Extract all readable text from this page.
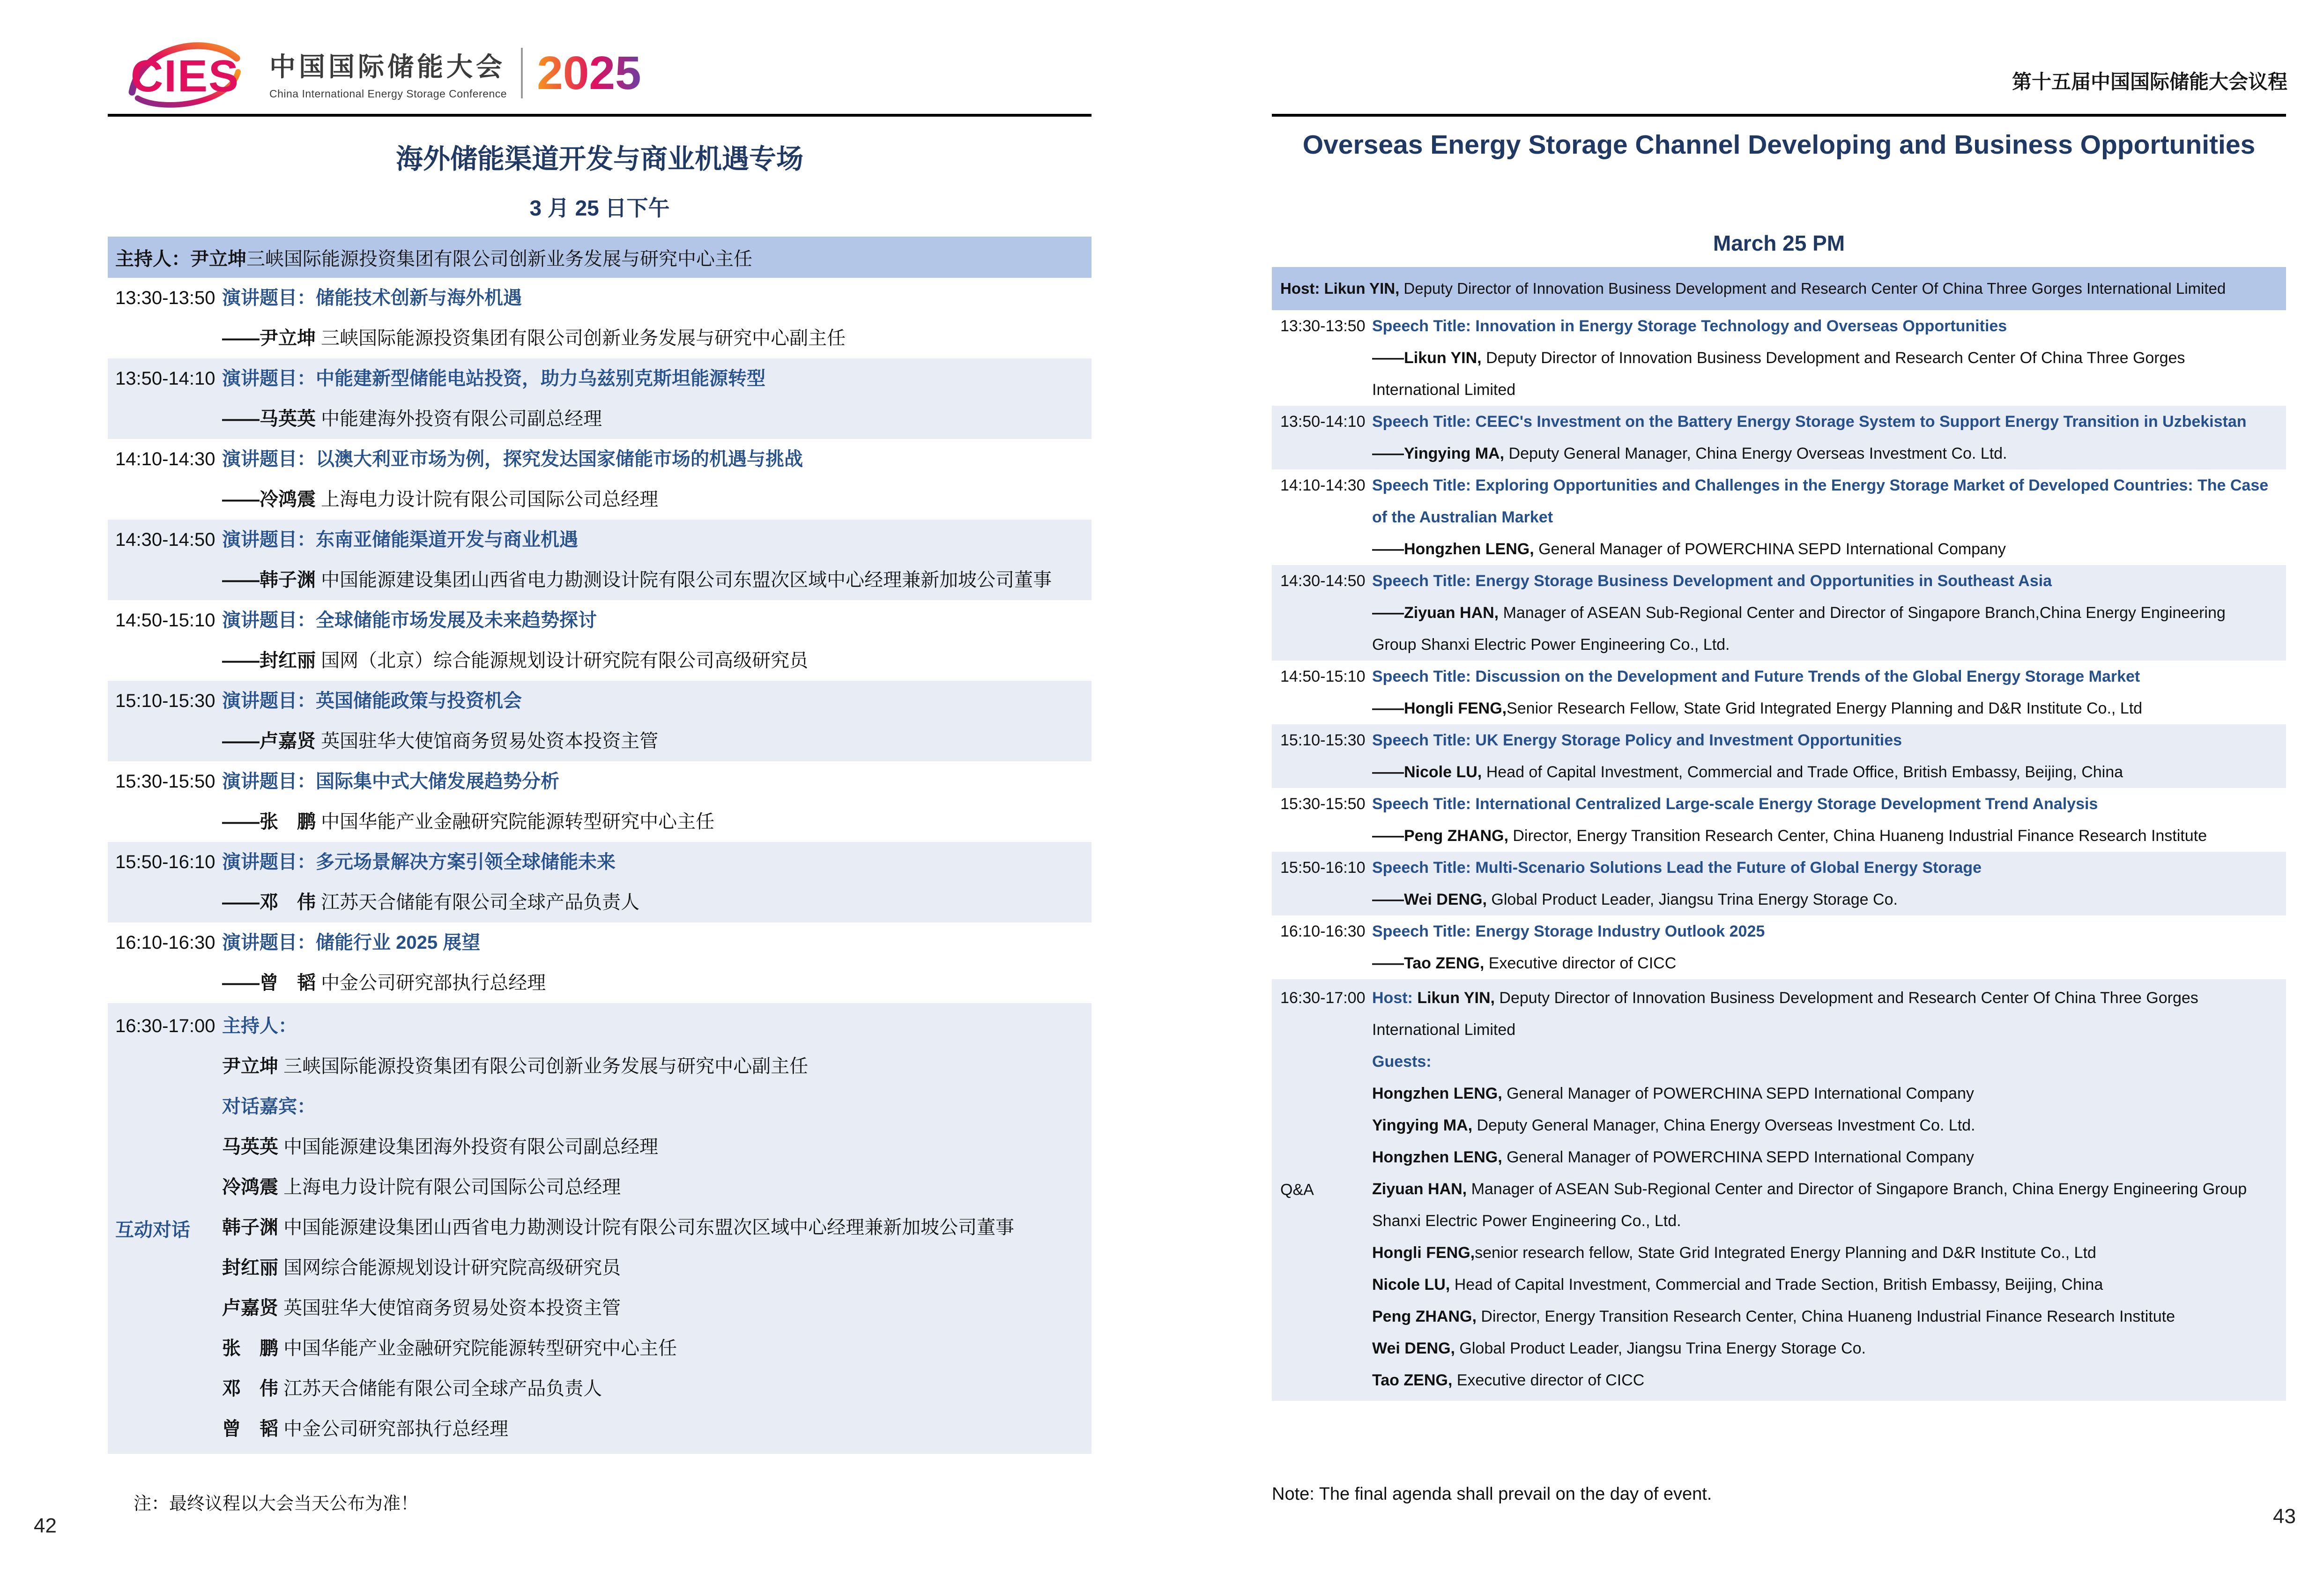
CIES 中国国际储能大会
China International Energy Storage Conference 2025	第十五届中国国际储能大会议程
海外储能渠道开发与商业机遇专场
3 月 25 日下午
主持人：尹立坤 三峡国际能源投资集团有限公司创新业务发展与研究中心主任
13:30-13:50 演讲题目：储能技术创新与海外机遇
——尹立坤 三峡国际能源投资集团有限公司创新业务发展与研究中心副主任
13:50-14:10 演讲题目：中能建新型储能电站投资，助力乌兹别克斯坦能源转型
——马英英 中能建海外投资有限公司副总经理
14:10-14:30 演讲题目：以澳大利亚市场为例，探究发达国家储能市场的机遇与挑战
——冷鸿震 上海电力设计院有限公司国际公司总经理
14:30-14:50 演讲题目：东南亚储能渠道开发与商业机遇
——韩子渊 中国能源建设集团山西省电力勘测设计院有限公司东盟次区域中心经理兼新加坡公司董事
14:50-15:10 演讲题目：全球储能市场发展及未来趋势探讨
——封红丽 国网（北京）综合能源规划设计研究院有限公司高级研究员
15:10-15:30 演讲题目：英国储能政策与投资机会
——卢嘉贤 英国驻华大使馆商务贸易处资本投资主管
15:30-15:50 演讲题目：国际集中式大储发展趋势分析
——张　鹏 中国华能产业金融研究院能源转型研究中心主任
15:50-16:10 演讲题目：多元场景解决方案引领全球储能未来
——邓　伟 江苏天合储能有限公司全球产品负责人
16:10-16:30 演讲题目：储能行业 2025 展望
——曾　韬 中金公司研究部执行总经理
16:30-17:00
互动对话
主持人：
尹立坤 三峡国际能源投资集团有限公司创新业务发展与研究中心副主任
对话嘉宾：
马英英 中国能源建设集团海外投资有限公司副总经理
冷鸿震 上海电力设计院有限公司国际公司总经理
韩子渊 中国能源建设集团山西省电力勘测设计院有限公司东盟次区域中心经理兼新加坡公司董事
封红丽 国网综合能源规划设计研究院高级研究员
卢嘉贤 英国驻华大使馆商务贸易处资本投资主管
张　鹏 中国华能产业金融研究院能源转型研究中心主任
邓　伟 江苏天合储能有限公司全球产品负责人
曾　韬 中金公司研究部执行总经理
注：最终议程以大会当天公布为准！
42
Overseas Energy Storage Channel Developing and Business Opportunities
March 25 PM
Host: Likun YIN, Deputy Director of Innovation Business Development and Research Center Of China Three Gorges International Limited
13:30-13:50 Speech Title: Innovation in Energy Storage Technology and Overseas Opportunities
——Likun YIN, Deputy Director of Innovation Business Development and Research Center Of China Three Gorges International Limited
13:50-14:10 Speech Title: CEEC's Investment on the Battery Energy Storage System to Support Energy Transition in Uzbekistan
——Yingying MA, Deputy General Manager, China Energy Overseas Investment Co. Ltd.
14:10-14:30 Speech Title: Exploring Opportunities and Challenges in the Energy Storage Market of Developed Countries: The Case of the Australian Market
——Hongzhen LENG, General Manager of POWERCHINA SEPD International Company
14:30-14:50 Speech Title: Energy Storage Business Development and Opportunities in Southeast Asia
——Ziyuan HAN, Manager of ASEAN Sub-Regional Center and Director of Singapore Branch,China Energy Engineering Group Shanxi Electric Power Engineering Co., Ltd.
14:50-15:10 Speech Title: Discussion on the Development and Future Trends of the Global Energy Storage Market
——Hongli FENG,Senior Research Fellow, State Grid Integrated Energy Planning and D&R Institute Co., Ltd
15:10-15:30 Speech Title: UK Energy Storage Policy and Investment Opportunities
——Nicole LU, Head of Capital Investment, Commercial and Trade Office, British Embassy, Beijing, China
15:30-15:50 Speech Title: International Centralized Large-scale Energy Storage Development Trend Analysis
——Peng ZHANG, Director, Energy Transition Research Center, China Huaneng Industrial Finance Research Institute
15:50-16:10 Speech Title: Multi-Scenario Solutions Lead the Future of Global Energy Storage
——Wei DENG, Global Product Leader, Jiangsu Trina Energy Storage Co.
16:10-16:30 Speech Title: Energy Storage Industry Outlook 2025
——Tao ZENG, Executive director of CICC
16:30-17:00
Q&A
Host: Likun YIN, Deputy Director of Innovation Business Development and Research Center Of China Three Gorges International Limited
Guests:
Hongzhen LENG, General Manager of POWERCHINA SEPD International Company
Yingying MA, Deputy General Manager, China Energy Overseas Investment Co. Ltd.
Hongzhen LENG, General Manager of POWERCHINA SEPD International Company
Ziyuan HAN, Manager of ASEAN Sub-Regional Center and Director of Singapore Branch, China Energy Engineering Group Shanxi Electric Power Engineering Co., Ltd.
Hongli FENG,senior research fellow, State Grid Integrated Energy Planning and D&R Institute Co., Ltd
Nicole LU, Head of Capital Investment, Commercial and Trade Section, British Embassy, Beijing, China
Peng ZHANG, Director, Energy Transition Research Center, China Huaneng Industrial Finance Research Institute
Wei DENG, Global Product Leader, Jiangsu Trina Energy Storage Co.
Tao ZENG, Executive director of CICC
Note: The final agenda shall prevail on the day of event.
43
